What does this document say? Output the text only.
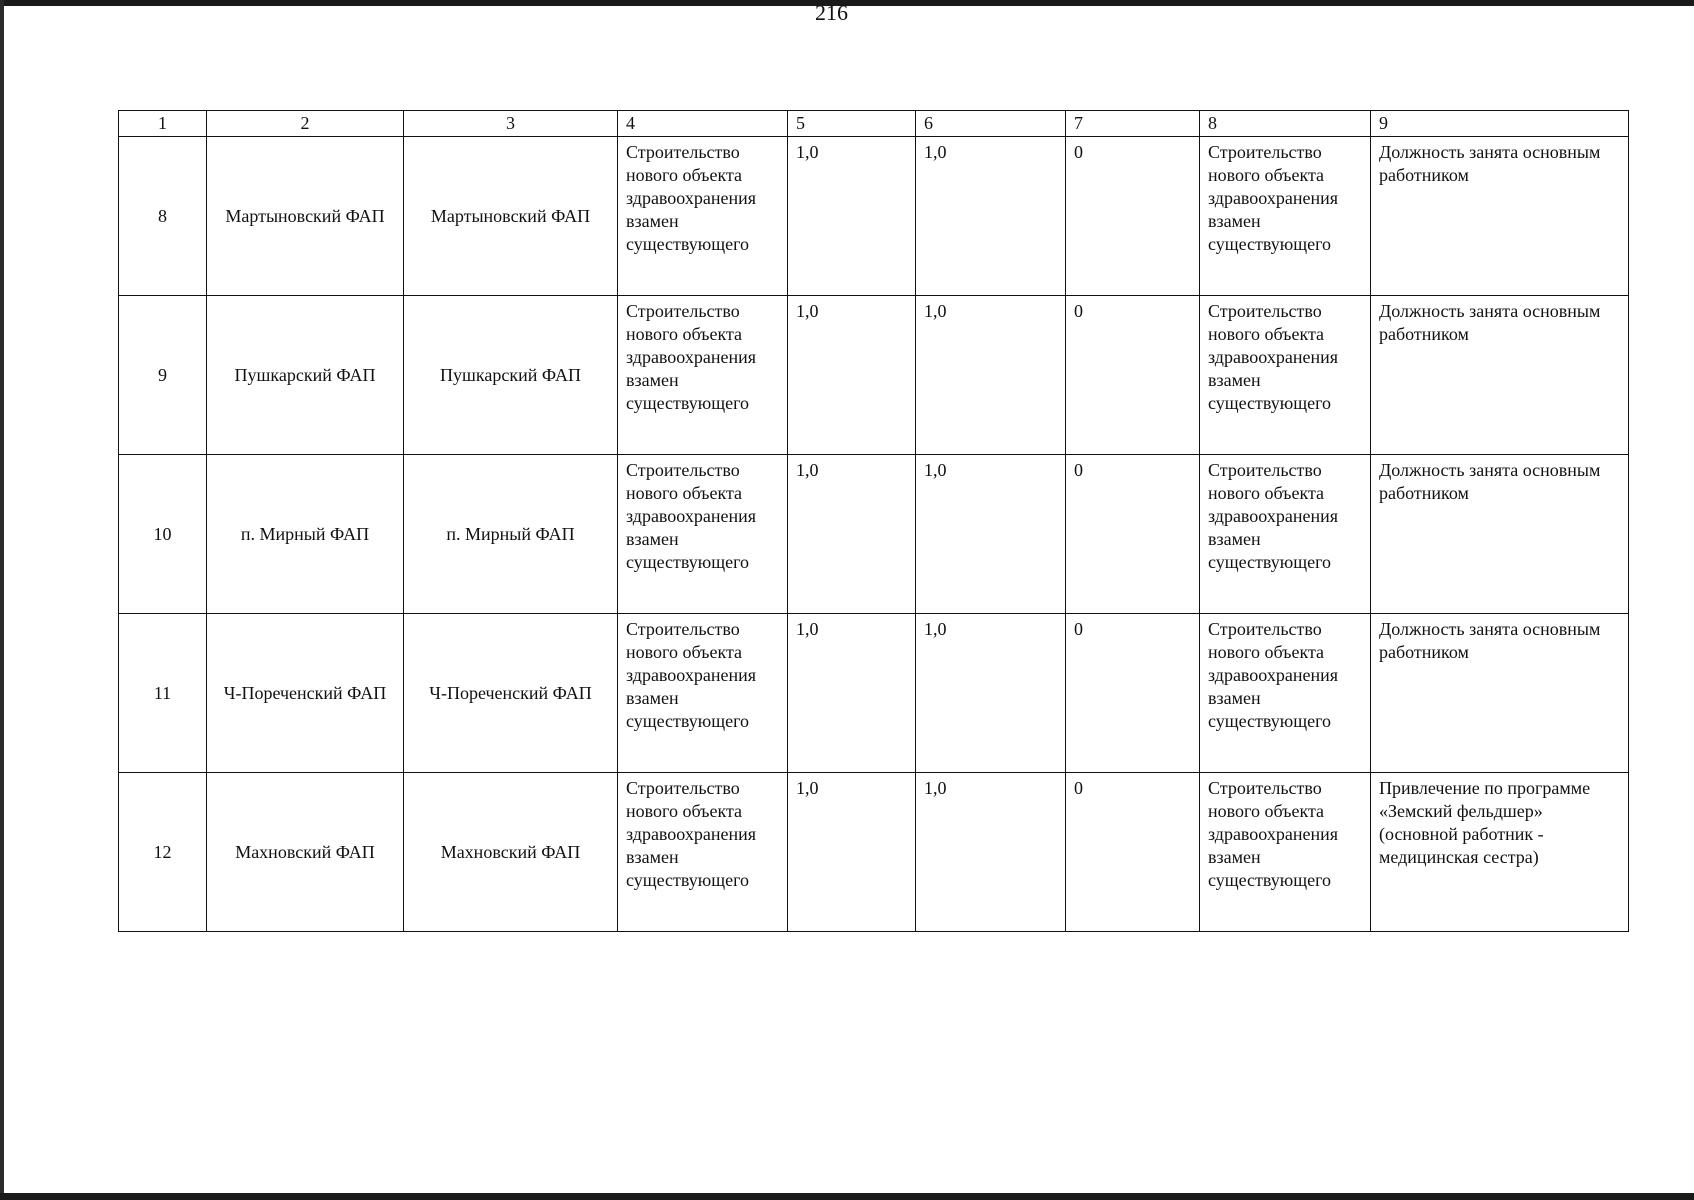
216
1	2	3	4	5	6	7	8	9
8	Мартыновский ФАП	Мартыновский ФАП	Строительство нового объекта здравоохранения взамен существующего	1,0	1,0	0	Строительство нового объекта здравоохранения взамен существующего	Должность занята основным работником
9	Пушкарский ФАП	Пушкарский ФАП	Строительство нового объекта здравоохранения взамен существующего	1,0	1,0	0	Строительство нового объекта здравоохранения взамен существующего	Должность занята основным работником
10	п. Мирный ФАП	п. Мирный ФАП	Строительство нового объекта здравоохранения взамен существующего	1,0	1,0	0	Строительство нового объекта здравоохранения взамен существующего	Должность занята основным работником
11	Ч-Пореченский ФАП	Ч-Пореченский ФАП	Строительство нового объекта здравоохранения взамен существующего	1,0	1,0	0	Строительство нового объекта здравоохранения взамен существующего	Должность занята основным работником
12	Махновский ФАП	Махновский ФАП	Строительство нового объекта здравоохранения взамен существующего	1,0	1,0	0	Строительство нового объекта здравоохранения взамен существующего	Привлечение по программе «Земский фельдшер» (основной работник - медицинская сестра)
